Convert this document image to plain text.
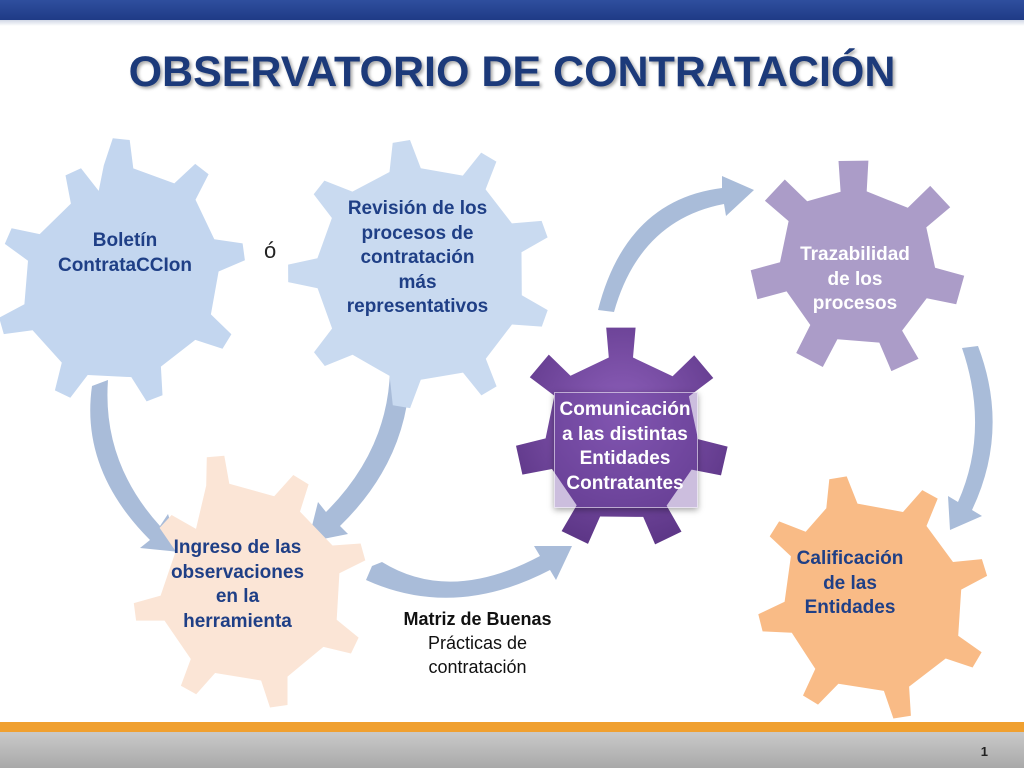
OBSERVATORIO DE CONTRATACIÓN
Boletín
ContrataCCIon
ó
Revisión de los
procesos de
contratación
más
representativos
Ingreso de las
observaciones
en la
herramienta
Comunicación
a las distintas
Entidades
Contratantes
Trazabilidad
de los
procesos
Calificación
de las
Entidades
Matriz de Buenas
Prácticas de
contratación
1
